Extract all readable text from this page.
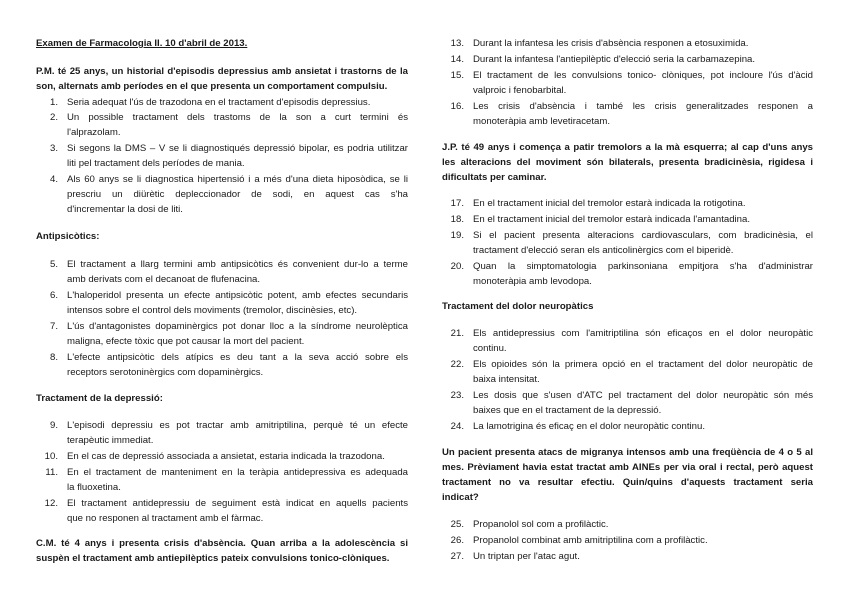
Examen de Farmacologia II. 10 d'abril de 2013.
P.M. té 25 anys, un historial d'episodis depressius amb ansietat i trastorns de la
son, alternats amb períodes en el que presenta un comportament compulsiu.
1. Seria adequat l'ús de trazodona en el tractament d'episodis depressius.
2. Un possible tractament dels trastoms de la son a curt termini és
l'alprazolam.
3. Si segons la DMS – V se li diagnostiqués depressió bipolar, es podria utilitzar
liti pel tractament dels períodes de mania.
4. Als 60 anys se li diagnostica hipertensió i a més d'una dieta hiposòdica, se li
prescriu un diürètic depleccionador de sodi, en aquest cas s'ha
d'incrementar la dosi de liti.
Antipsicòtics:
5. El tractament a llarg termini amb antipsicòtics és convenient dur-lo a terme
amb derivats com el decanoat de flufenacina.
6. L'haloperidol presenta un efecte antipsicòtic potent, amb efectes secundaris
intensos sobre el control dels moviments (tremolor, discinèsies, etc).
7. L'ús d'antagonistes dopaminèrgics pot donar lloc a la síndrome neurolèptica
maligna, efecte tòxic que pot causar la mort del pacient.
8. L'efecte antipsicòtic dels atípics es deu tant a la seva acció sobre els
receptors serotoninèrgics com dopaminèrgics.
Tractament de la depressió:
9. L'episodi depressiu es pot tractar amb amitriptilina, perquè té un efecte
terapèutic immediat.
10. En el cas de depressió associada a ansietat, estaria indicada la trazodona.
11. En el tractament de manteniment en la teràpia antidepressiva es adequada
la fluoxetina.
12. El tractament antidepressiu de seguiment està indicat en aquells pacients
que no responen al tractament amb el fàrmac.
C.M. té 4 anys i presenta crisis d'absència. Quan arriba a la adolescència si
suspèn el tractament amb antiepilèptics pateix convulsions tonico-clòniques.
13. Durant la infantesa les crisis d'absència responen a etosuximida.
14. Durant la infantesa l'antiepilèptic d'elecció seria la carbamazepina.
15. El tractament de les convulsions tonico- clòniques, pot incloure l'ús d'àcid
valproic i fenobarbital.
16. Les crisis d'absència i també les crisis generalitzades responen a
monoteràpia amb levetiracetam.
J.P. té 49 anys i comença a patir tremolors a la mà esquerra; al cap d'uns anys
les alteracions del moviment són bilaterals, presenta bradicinèsia, rigidesa i
dificultats per caminar.
17. En el tractament inicial del tremolor estarà indicada la rotigotina.
18. En el tractament inicial del tremolor estarà indicada l'amantadina.
19. Si el pacient presenta alteracions cardiovasculars, com bradicinèsia, el
tractament d'elecció seran els anticolinèrgics com el biperidè.
20. Quan la simptomatologia parkinsoniana empitjora s'ha d'administrar
monoteràpia amb levodopa.
Tractament del dolor neuropàtics
21. Els antidepressius com l'amitriptilina són eficaços en el dolor neuropàtic
continu.
22. Els opioides són la primera opció en el tractament del dolor neuropàtic de
baixa intensitat.
23. Les dosis que s'usen d'ATC pel tractament del dolor neuropàtic són més
baixes que en el tractament de la depressió.
24. La lamotrigina és eficaç en el dolor neuropàtic continu.
Un pacient presenta atacs de migranya intensos amb una freqüència de 4 o 5 al
mes. Prèviament havia estat tractat amb AINEs per via oral i rectal, però aquest
tractament no va resultar efectiu. Quin/quins d'aquests tractament seria
indicat?
25. Propanolol sol com a profilàctic.
26. Propanolol combinat amb amitriptilina com a profilàctic.
27. Un triptan per l'atac agut.
